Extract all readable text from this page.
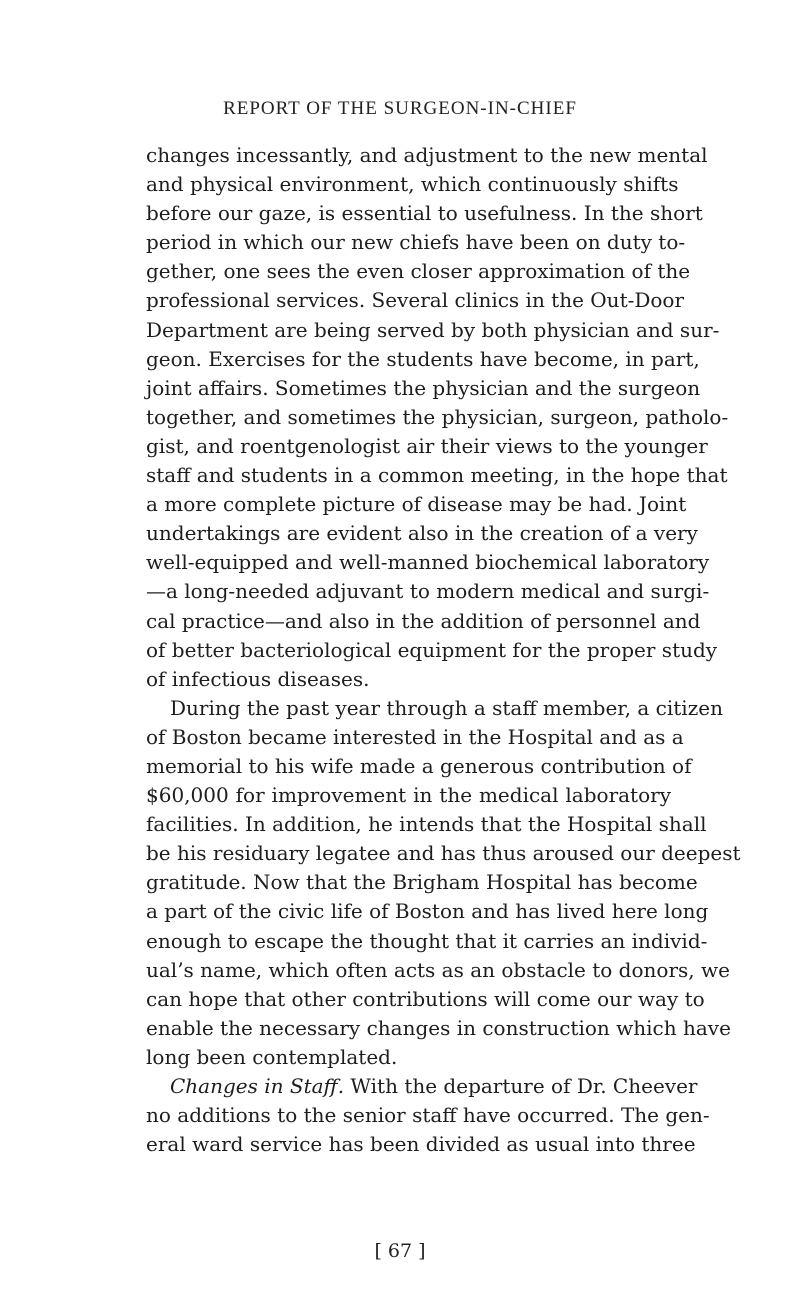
REPORT OF THE SURGEON-IN-CHIEF
changes incessantly, and adjustment to the new mental
and physical environment, which continuously shifts
before our gaze, is essential to usefulness. In the short
period in which our new chiefs have been on duty to-
gether, one sees the even closer approximation of the
professional services. Several clinics in the Out-Door
Department are being served by both physician and sur-
geon. Exercises for the students have become, in part,
joint affairs. Sometimes the physician and the surgeon
together, and sometimes the physician, surgeon, patholo-
gist, and roentgenologist air their views to the younger
staff and students in a common meeting, in the hope that
a more complete picture of disease may be had. Joint
undertakings are evident also in the creation of a very
well-equipped and well-manned biochemical laboratory
—a long-needed adjuvant to modern medical and surgi-
cal practice—and also in the addition of personnel and
of better bacteriological equipment for the proper study
of infectious diseases.
During the past year through a staff member, a citizen
of Boston became interested in the Hospital and as a
memorial to his wife made a generous contribution of
$60,000 for improvement in the medical laboratory
facilities. In addition, he intends that the Hospital shall
be his residuary legatee and has thus aroused our deepest
gratitude. Now that the Brigham Hospital has become
a part of the civic life of Boston and has lived here long
enough to escape the thought that it carries an individ-
ual’s name, which often acts as an obstacle to donors, we
can hope that other contributions will come our way to
enable the necessary changes in construction which have
long been contemplated.
Changes in Staff. With the departure of Dr. Cheever
no additions to the senior staff have occurred. The gen-
eral ward service has been divided as usual into three
[ 67 ]
